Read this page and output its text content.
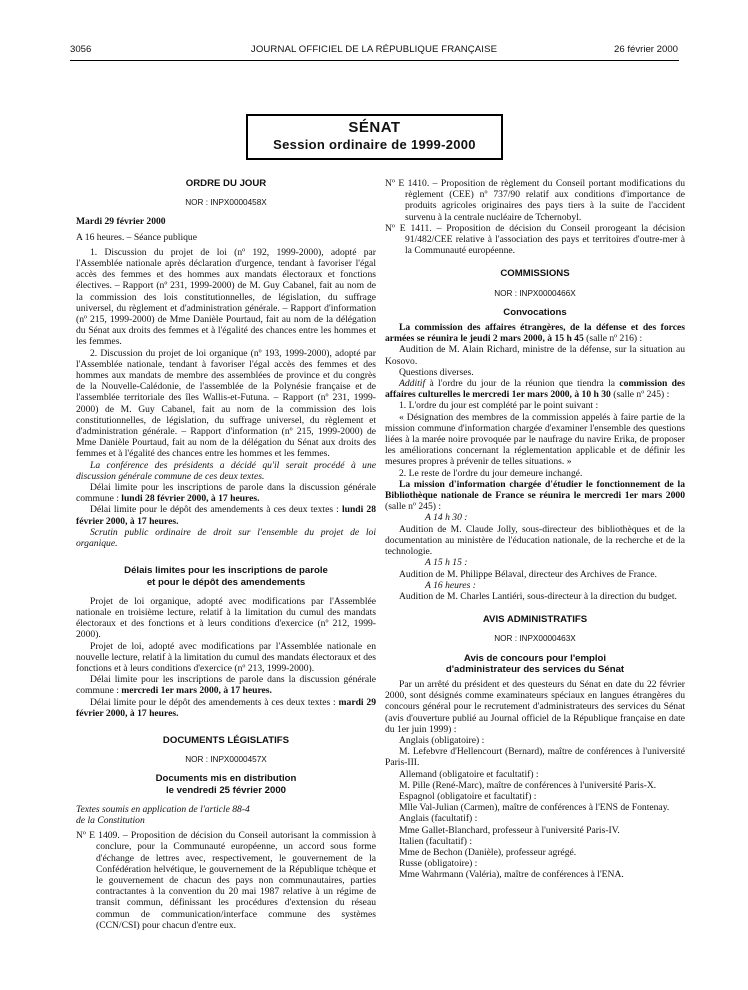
3056	JOURNAL OFFICIEL DE LA RÉPUBLIQUE FRANÇAISE	26 février 2000
SÉNAT
Session ordinaire de 1999-2000
ORDRE DU JOUR
NOR : INPX0000458X

Mardi 29 février 2000

A 16 heures. – Séance publique

1. Discussion du projet de loi (nº 192, 1999-2000), adopté par l'Assemblée nationale après déclaration d'urgence, tendant à favoriser l'égal accès des femmes et des hommes aux mandats électoraux et fonctions électives. – Rapport (nº 231, 1999-2000) de M. Guy Cabanel, fait au nom de la commission des lois constitutionnelles, de législation, du suffrage universel, du règlement et d'administration générale. – Rapport d'information (nº 215, 1999-2000) de Mme Danièle Pourtaud, fait au nom de la délégation du Sénat aux droits des femmes et à l'égalité des chances entre les hommes et les femmes.

2. Discussion du projet de loi organique (nº 193, 1999-2000), adopté par l'Assemblée nationale, tendant à favoriser l'égal accès des femmes et des hommes aux mandats de membre des assemblées de province et du congrès de la Nouvelle-Calédonie, de l'assemblée de la Polynésie française et de l'assemblée territoriale des îles Wallis-et-Futuna. – Rapport (nº 231, 1999-2000) de M. Guy Cabanel, fait au nom de la commission des lois constitutionnelles, de législation, du suffrage universel, du règlement et d'administration générale. – Rapport d'information (nº 215, 1999-2000) de Mme Danièle Pourtaud, fait au nom de la délégation du Sénat aux droits des femmes et à l'égalité des chances entre les hommes et les femmes.

La conférence des présidents a décidé qu'il serait procédé à une discussion générale commune de ces deux textes.

Délai limite pour les inscriptions de parole dans la discussion générale commune : lundi 28 février 2000, à 17 heures.

Délai limite pour le dépôt des amendements à ces deux textes : lundi 28 février 2000, à 17 heures.

Scrutin public ordinaire de droit sur l'ensemble du projet de loi organique.

Délais limites pour les inscriptions de parole
et pour le dépôt des amendements

Projet de loi organique, adopté avec modifications par l'Assemblée nationale en troisième lecture, relatif à la limitation du cumul des mandats électoraux et des fonctions et à leurs conditions d'exercice (nº 212, 1999-2000).

Projet de loi, adopté avec modifications par l'Assemblée nationale en nouvelle lecture, relatif à la limitation du cumul des mandats électoraux et des fonctions et à leurs conditions d'exercice (nº 213, 1999-2000).

Délai limite pour les inscriptions de parole dans la discussion générale commune : mercredi 1er mars 2000, à 17 heures.

Délai limite pour le dépôt des amendements à ces deux textes : mardi 29 février 2000, à 17 heures.

DOCUMENTS LÉGISLATIFS
NOR : INPX0000457X
Documents mis en distribution
le vendredi 25 février 2000

Textes soumis en application de l'article 88-4

de la Constitution

Nº E 1409. – Proposition de décision du Conseil autorisant la commission à conclure, pour la Communauté européenne, un accord sous forme d'échange de lettres avec, respectivement, le gouvernement de la Confédération helvétique, le gouvernement de la République tchèque et le gouvernement de chacun des pays non communautaires, parties contractantes à la convention du 20 mai 1987 relative à un régime de transit commun, définissant les procédures d'extension du réseau commun de communication/interface commune des systèmes (CCN/CSI) pour chacun d'entre eux.

Nº E 1410. – Proposition de règlement du Conseil portant modifications du règlement (CEE) nº 737/90 relatif aux conditions d'importance de produits agricoles originaires des pays tiers à la suite de l'accident survenu à la centrale nucléaire de Tchernobyl.

Nº E 1411. – Proposition de décision du Conseil prorogeant la décision 91/482/CEE relative à l'association des pays et territoires d'outre-mer à la Communauté européenne.

COMMISSIONS
NOR : INPX0000466X
Convocations

La commission des affaires étrangères, de la défense et des forces armées se réunira le jeudi 2 mars 2000, à 15 h 45 (salle nº 216) :

Audition de M. Alain Richard, ministre de la défense, sur la situation au Kosovo.

Questions diverses.

Additif à l'ordre du jour de la réunion que tiendra la commission des affaires culturelles le mercredi 1er mars 2000, à 10 h 30 (salle nº 245) :

1. L'ordre du jour est complété par le point suivant :

« Désignation des membres de la commission appelés à faire partie de la mission commune d'information chargée d'examiner l'ensemble des questions liées à la marée noire provoquée par le naufrage du navire Erika, de proposer les améliorations concernant la réglementation applicable et de définir les mesures propres à prévenir de telles situations. »

2. Le reste de l'ordre du jour demeure inchangé.

La mission d'information chargée d'étudier le fonctionnement de la Bibliothèque nationale de France se réunira le mercredi 1er mars 2000 (salle nº 245) :

A 14 h 30 :

Audition de M. Claude Jolly, sous-directeur des bibliothèques et de la documentation au ministère de l'éducation nationale, de la recherche et de la technologie.

A 15 h 15 :

Audition de M. Philippe Bélaval, directeur des Archives de France.

A 16 heures :

Audition de M. Charles Lantiéri, sous-directeur à la direction du budget.

AVIS ADMINISTRATIFS
NOR : INPX0000463X
Avis de concours pour l'emploi
d'administrateur des services du Sénat

Par un arrêté du président et des questeurs du Sénat en date du 22 février 2000, sont désignés comme examinateurs spéciaux en langues étrangères du concours général pour le recrutement d'administrateurs des services du Sénat (avis d'ouverture publié au Journal officiel de la République française en date du 1er juin 1999) :

Anglais (obligatoire) :

M. Lefebvre d'Hellencourt (Bernard), maître de conférences à l'université Paris-III.

Allemand (obligatoire et facultatif) :

M. Pille (René-Marc), maître de conférences à l'université Paris-X.

Espagnol (obligatoire et facultatif) :

Mlle Val-Julian (Carmen), maître de conférences à l'ENS de Fontenay.

Anglais (facultatif) :

Mme Gallet-Blanchard, professeur à l'université Paris-IV.

Italien (facultatif) :

Mme de Bechon (Danièle), professeur agrégé.

Russe (obligatoire) :

Mme Wahrmann (Valéria), maître de conférences à l'ENA.
